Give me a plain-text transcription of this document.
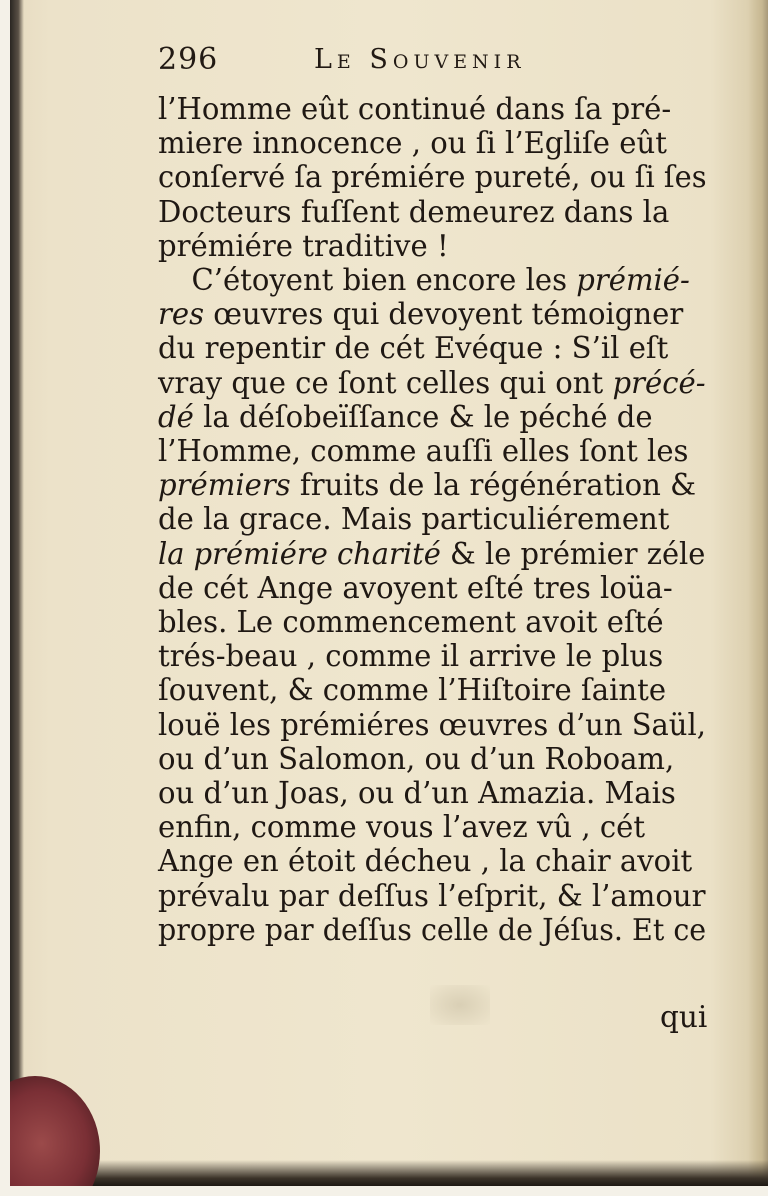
296	Le Souvenir
l’Homme eût continué dans ſa pré-
miere innocence , ou ſi l’Egliſe eût
conſervé ſa prémiére pureté, ou ſi ſes
Docteurs fuſſent demeurez dans la
prémiére traditive !
C’étoyent bien encore les prémié-
res œuvres qui devoyent témoigner
du repentir de cét Evéque : S’il eſt
vray que ce ſont celles qui ont précé-
dé la déſobeïſſance & le péché de
l’Homme, comme auſſi elles ſont les
prémiers fruits de la régénération &
de la grace. Mais particuliérement
la prémiére charité & le prémier zéle
de cét Ange avoyent eſté tres loüa-
bles. Le commencement avoit eſté
trés-beau , comme il arrive le plus
ſouvent, & comme l’Hiſtoire ſainte
louë les prémiéres œuvres d’un Saül,
ou d’un Salomon, ou d’un Roboam,
ou d’un Joas, ou d’un Amazia. Mais
enfin, comme vous l’avez vû , cét
Ange en étoit décheu , la chair avoit
prévalu par deſſus l’eſprit, & l’amour
propre par deſſus celle de Jéſus. Et ce
qui
